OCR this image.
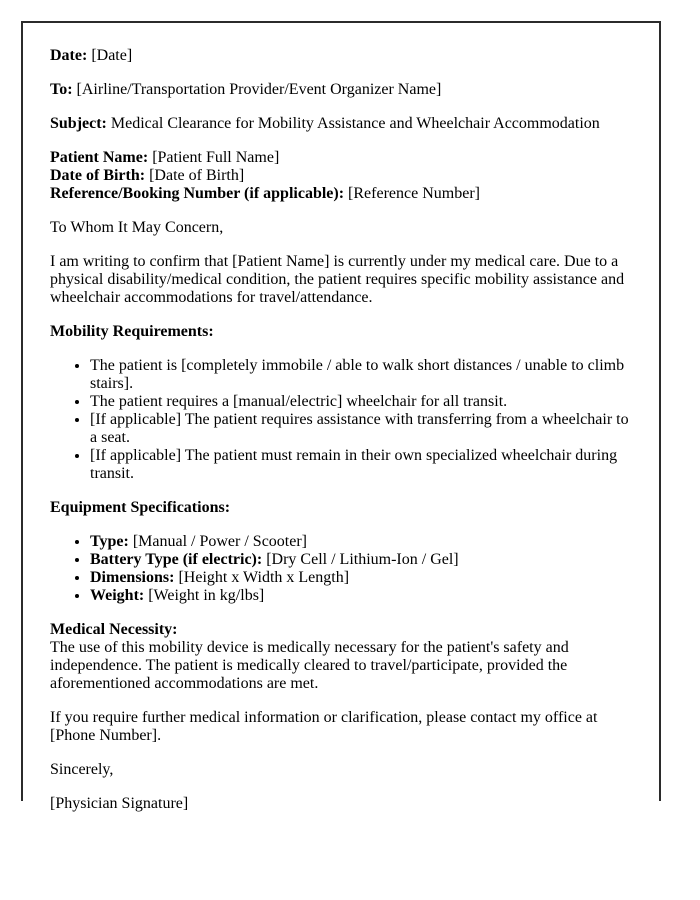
Date: [Date]

To: [Airline/Transportation Provider/Event Organizer Name]

Subject: Medical Clearance for Mobility Assistance and Wheelchair Accommodation

Patient Name: [Patient Full Name]
Date of Birth: [Date of Birth]
Reference/Booking Number (if applicable): [Reference Number]

To Whom It May Concern,

I am writing to confirm that [Patient Name] is currently under my medical care. Due to a physical disability/medical condition, the patient requires specific mobility assistance and wheelchair accommodations for travel/attendance.

Mobility Requirements:

• The patient is [completely immobile / able to walk short distances / unable to climb stairs].
• The patient requires a [manual/electric] wheelchair for all transit.
• [If applicable] The patient requires assistance with transferring from a wheelchair to a seat.
• [If applicable] The patient must remain in their own specialized wheelchair during transit.

Equipment Specifications:

• Type: [Manual / Power / Scooter]
• Battery Type (if electric): [Dry Cell / Lithium-Ion / Gel]
• Dimensions: [Height x Width x Length]
• Weight: [Weight in kg/lbs]

Medical Necessity:
The use of this mobility device is medically necessary for the patient's safety and independence. The patient is medically cleared to travel/participate, provided the aforementioned accommodations are met.

If you require further medical information or clarification, please contact my office at [Phone Number].

Sincerely,

[Physician Signature]
